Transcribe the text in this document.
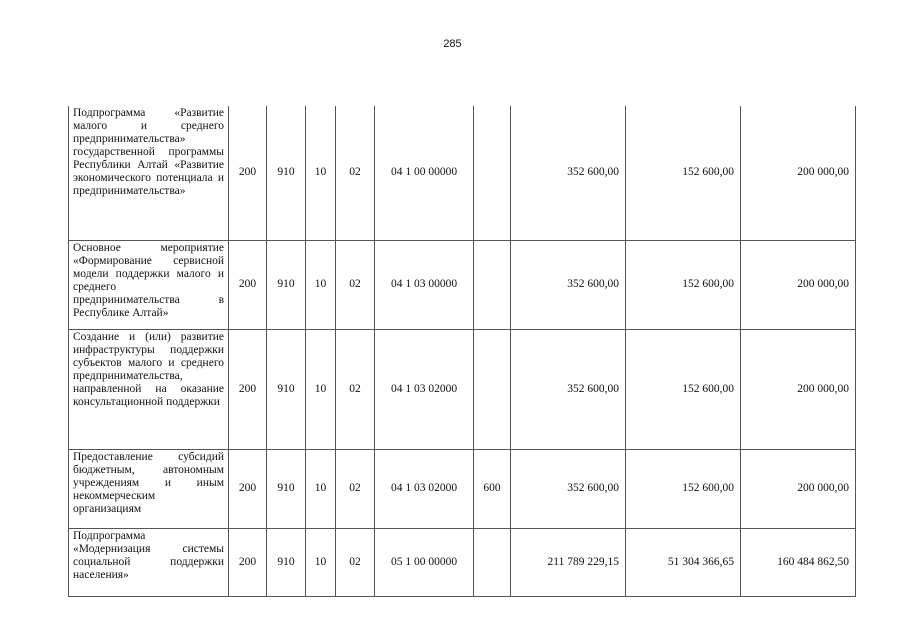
285
Подпрограмма «Развитие малого и среднего предпринимательства» государственной программы Республики Алтай «Развитие экономического потенциала и предпринимательства»	200	910	10	02	04 1 00 00000		352 600,00	152 600,00	200 000,00
Основное мероприятие «Формирование сервисной модели поддержки малого и среднего предпринимательства в Республике Алтай»	200	910	10	02	04 1 03 00000		352 600,00	152 600,00	200 000,00
Создание и (или) развитие инфраструктуры поддержки субъектов малого и среднего предпринимательства, направленной на оказание консультационной поддержки	200	910	10	02	04 1 03 02000		352 600,00	152 600,00	200 000,00
Предоставление субсидий бюджетным, автономным учреждениям и иным некоммерческим организациям	200	910	10	02	04 1 03 02000	600	352 600,00	152 600,00	200 000,00
Подпрограмма «Модернизация системы социальной поддержки населения»	200	910	10	02	05 1 00 00000		211 789 229,15	51 304 366,65	160 484 862,50
